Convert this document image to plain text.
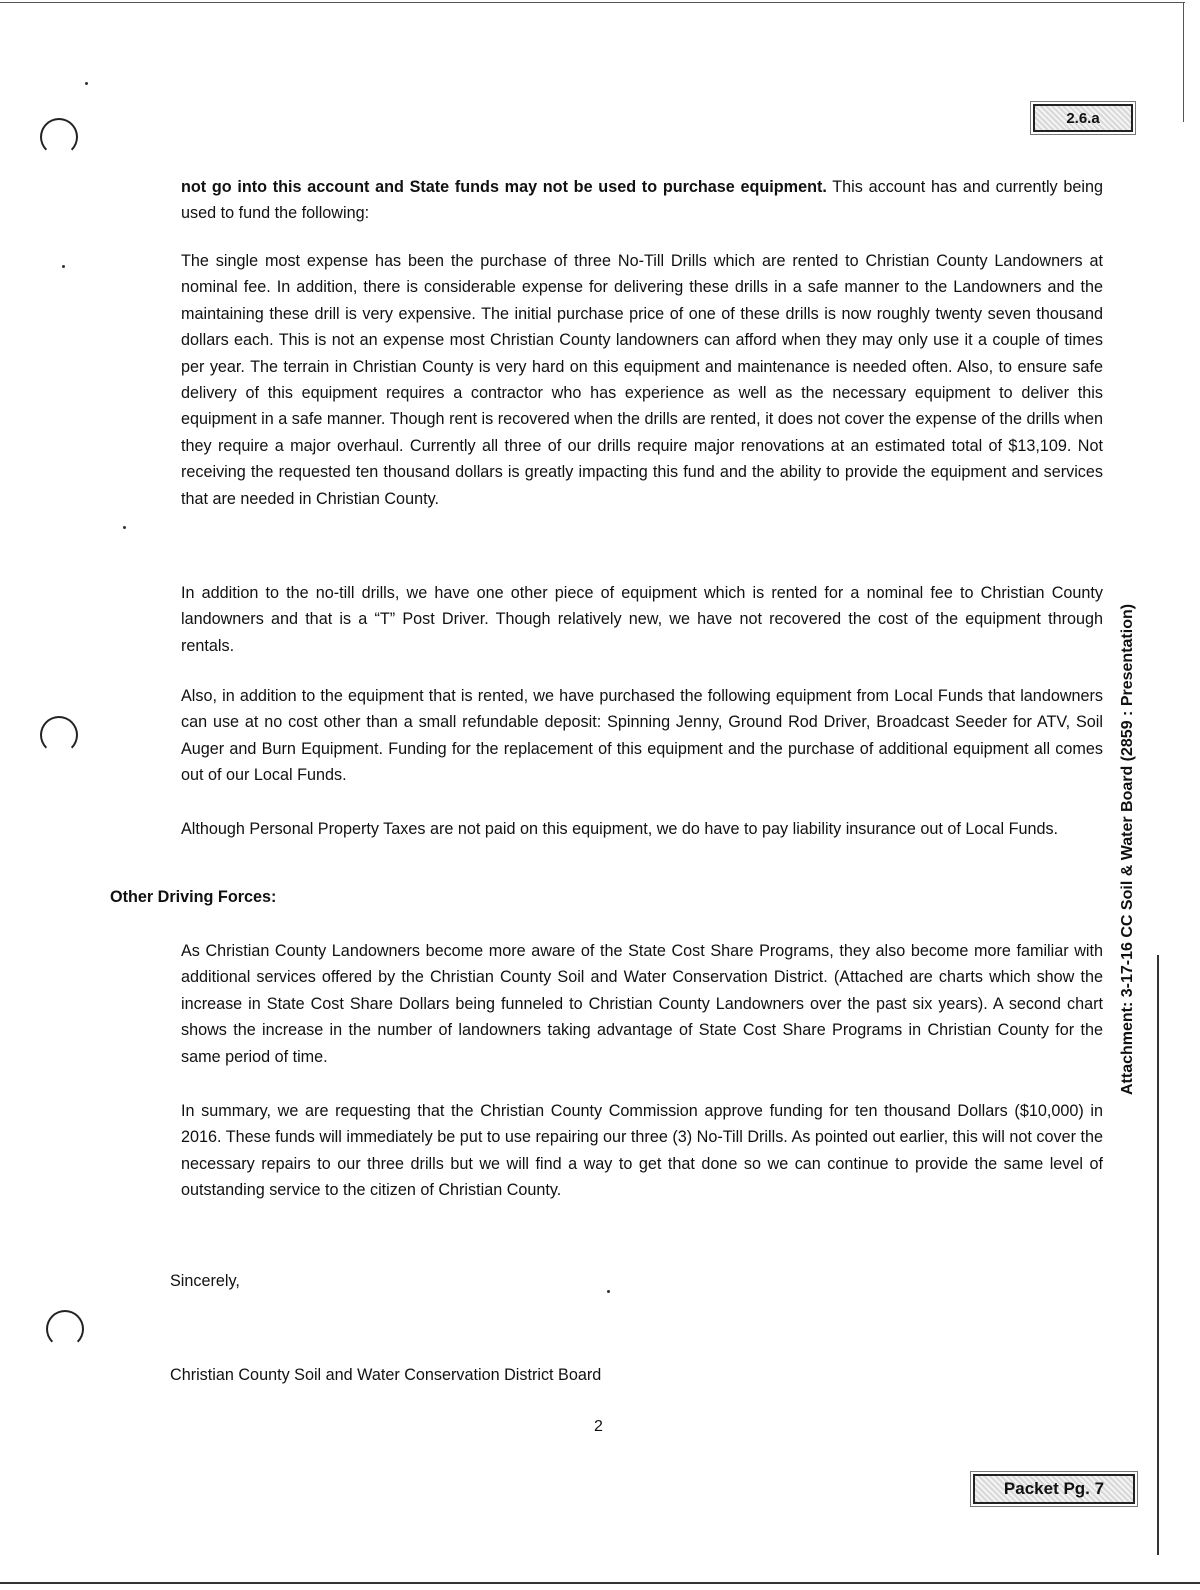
2.6.a
Packet Pg. 7
Attachment: 3-17-16 CC Soil & Water Board (2859 : Presentation)

not go into this account and State funds may not be used to purchase equipment. This account has and currently being used to fund the following:

The single most expense has been the purchase of three No-Till Drills which are rented to Christian County Landowners at nominal fee. In addition, there is considerable expense for delivering these drills in a safe manner to the Landowners and the maintaining these drill is very expensive. The initial purchase price of one of these drills is now roughly twenty seven thousand dollars each. This is not an expense most Christian County landowners can afford when they may only use it a couple of times per year. The terrain in Christian County is very hard on this equipment and maintenance is needed often. Also, to ensure safe delivery of this equipment requires a contractor who has experience as well as the necessary equipment to deliver this equipment in a safe manner. Though rent is recovered when the drills are rented, it does not cover the expense of the drills when they require a major overhaul. Currently all three of our drills require major renovations at an estimated total of $13,109. Not receiving the requested ten thousand dollars is greatly impacting this fund and the ability to provide the equipment and services that are needed in Christian County.

In addition to the no-till drills, we have one other piece of equipment which is rented for a nominal fee to Christian County landowners and that is a “T” Post Driver. Though relatively new, we have not recovered the cost of the equipment through rentals.

Also, in addition to the equipment that is rented, we have purchased the following equipment from Local Funds that landowners can use at no cost other than a small refundable deposit: Spinning Jenny, Ground Rod Driver, Broadcast Seeder for ATV, Soil Auger and Burn Equipment. Funding for the replacement of this equipment and the purchase of additional equipment all comes out of our Local Funds.

Although Personal Property Taxes are not paid on this equipment, we do have to pay liability insurance out of Local Funds.

Other Driving Forces:

As Christian County Landowners become more aware of the State Cost Share Programs, they also become more familiar with additional services offered by the Christian County Soil and Water Conservation District. (Attached are charts which show the increase in State Cost Share Dollars being funneled to Christian County Landowners over the past six years). A second chart shows the increase in the number of landowners taking advantage of State Cost Share Programs in Christian County for the same period of time.

In summary, we are requesting that the Christian County Commission approve funding for ten thousand Dollars ($10,000) in 2016. These funds will immediately be put to use repairing our three (3) No-Till Drills. As pointed out earlier, this will not cover the necessary repairs to our three drills but we will find a way to get that done so we can continue to provide the same level of outstanding service to the citizen of Christian County.

Sincerely,

Christian County Soil and Water Conservation District Board

2
